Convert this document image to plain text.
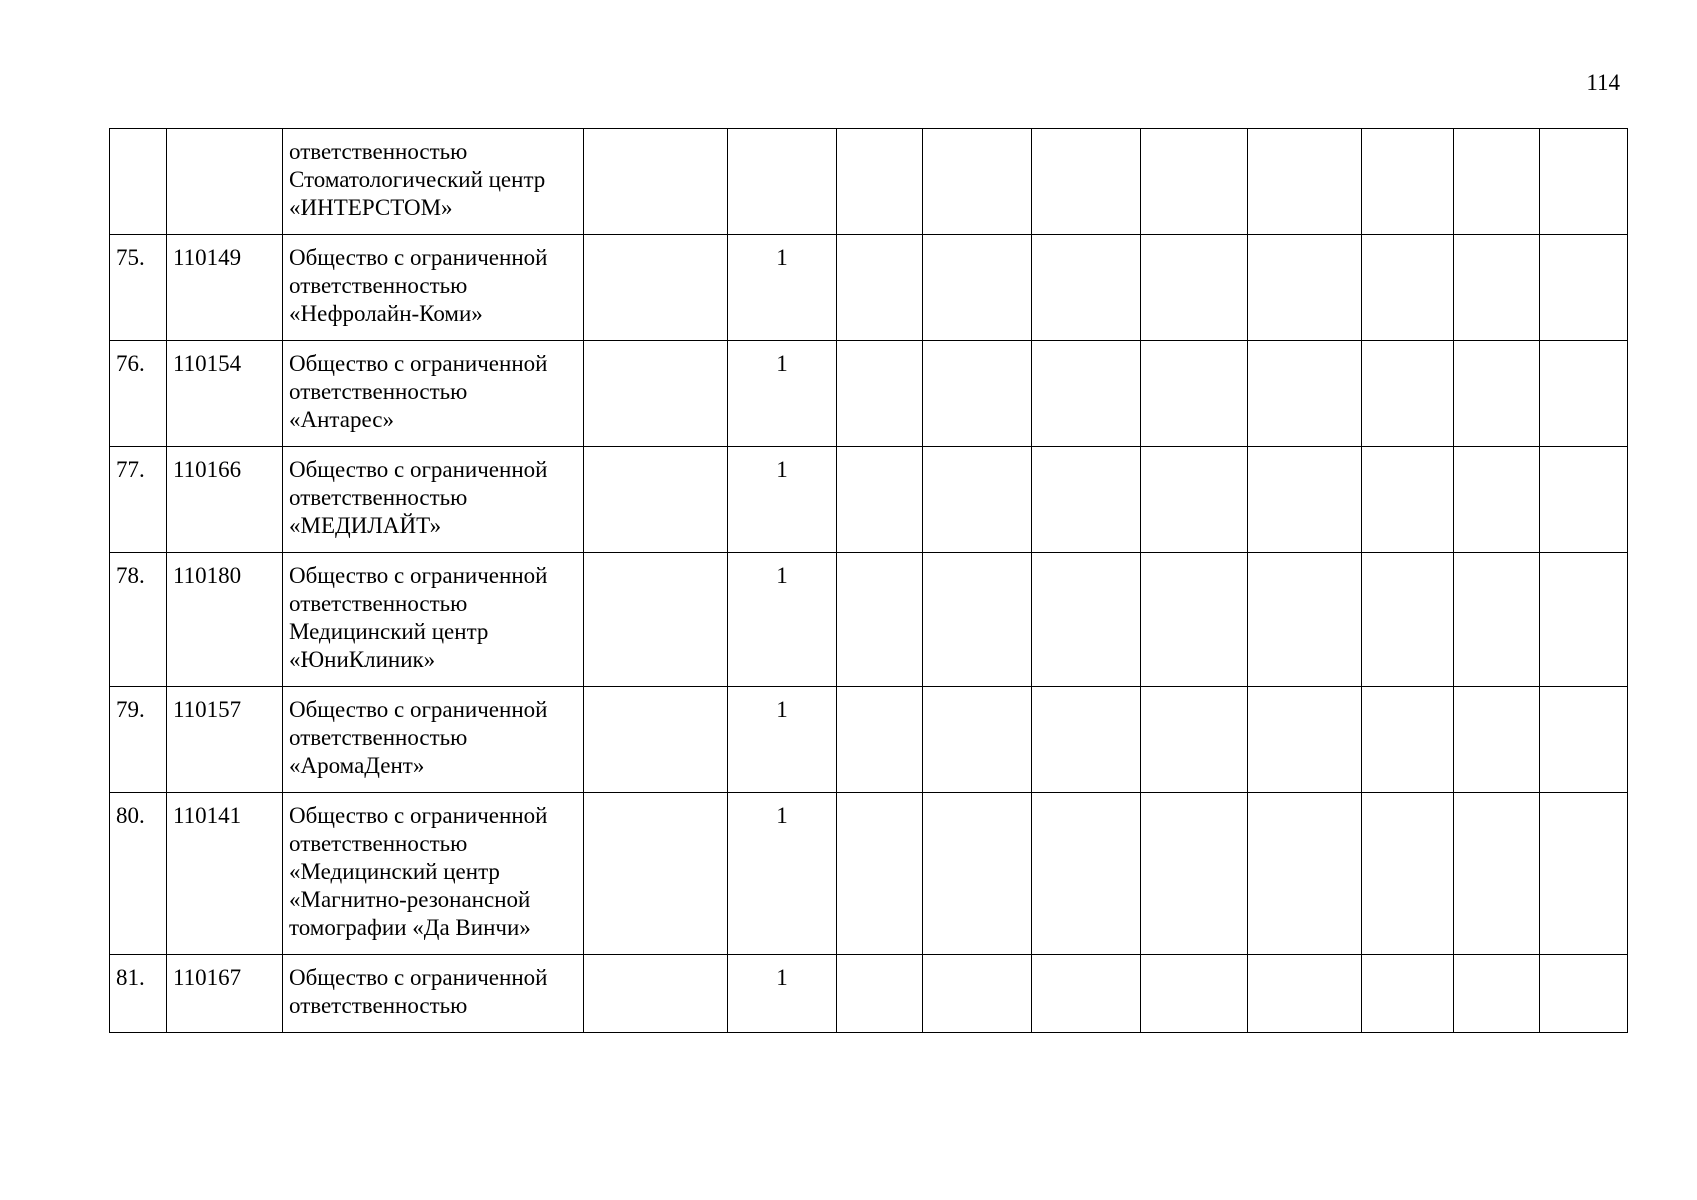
114
		ответственностью
Стоматологический центр
«ИНТЕРСТОМ»										
75.	110149	Общество с ограниченной
ответственностью
«Нефролайн-Коми»		1								
76.	110154	Общество с ограниченной
ответственностью
«Антарес»		1								
77.	110166	Общество с ограниченной
ответственностью
«МЕДИЛАЙТ»		1								
78.	110180	Общество с ограниченной
ответственностью
Медицинский центр
«ЮниКлиник»		1								
79.	110157	Общество с ограниченной
ответственностью
«АромаДент»		1								
80.	110141	Общество с ограниченной
ответственностью
«Медицинский центр
«Магнитно-резонансной
томографии «Да Винчи»		1								
81.	110167	Общество с ограниченной
ответственностью		1								
